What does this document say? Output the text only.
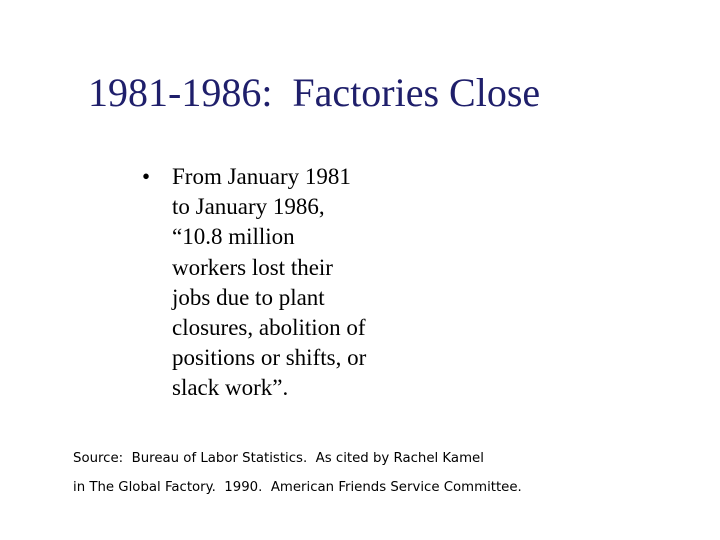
1981-1986:  Factories Close
• From January 1981
to January 1986,
“10.8 million
workers lost their
jobs due to plant
closures, abolition of
positions or shifts, or
slack work”.
Source:  Bureau of Labor Statistics.  As cited by Rachel Kamel
in The Global Factory.  1990.  American Friends Service Committee.
